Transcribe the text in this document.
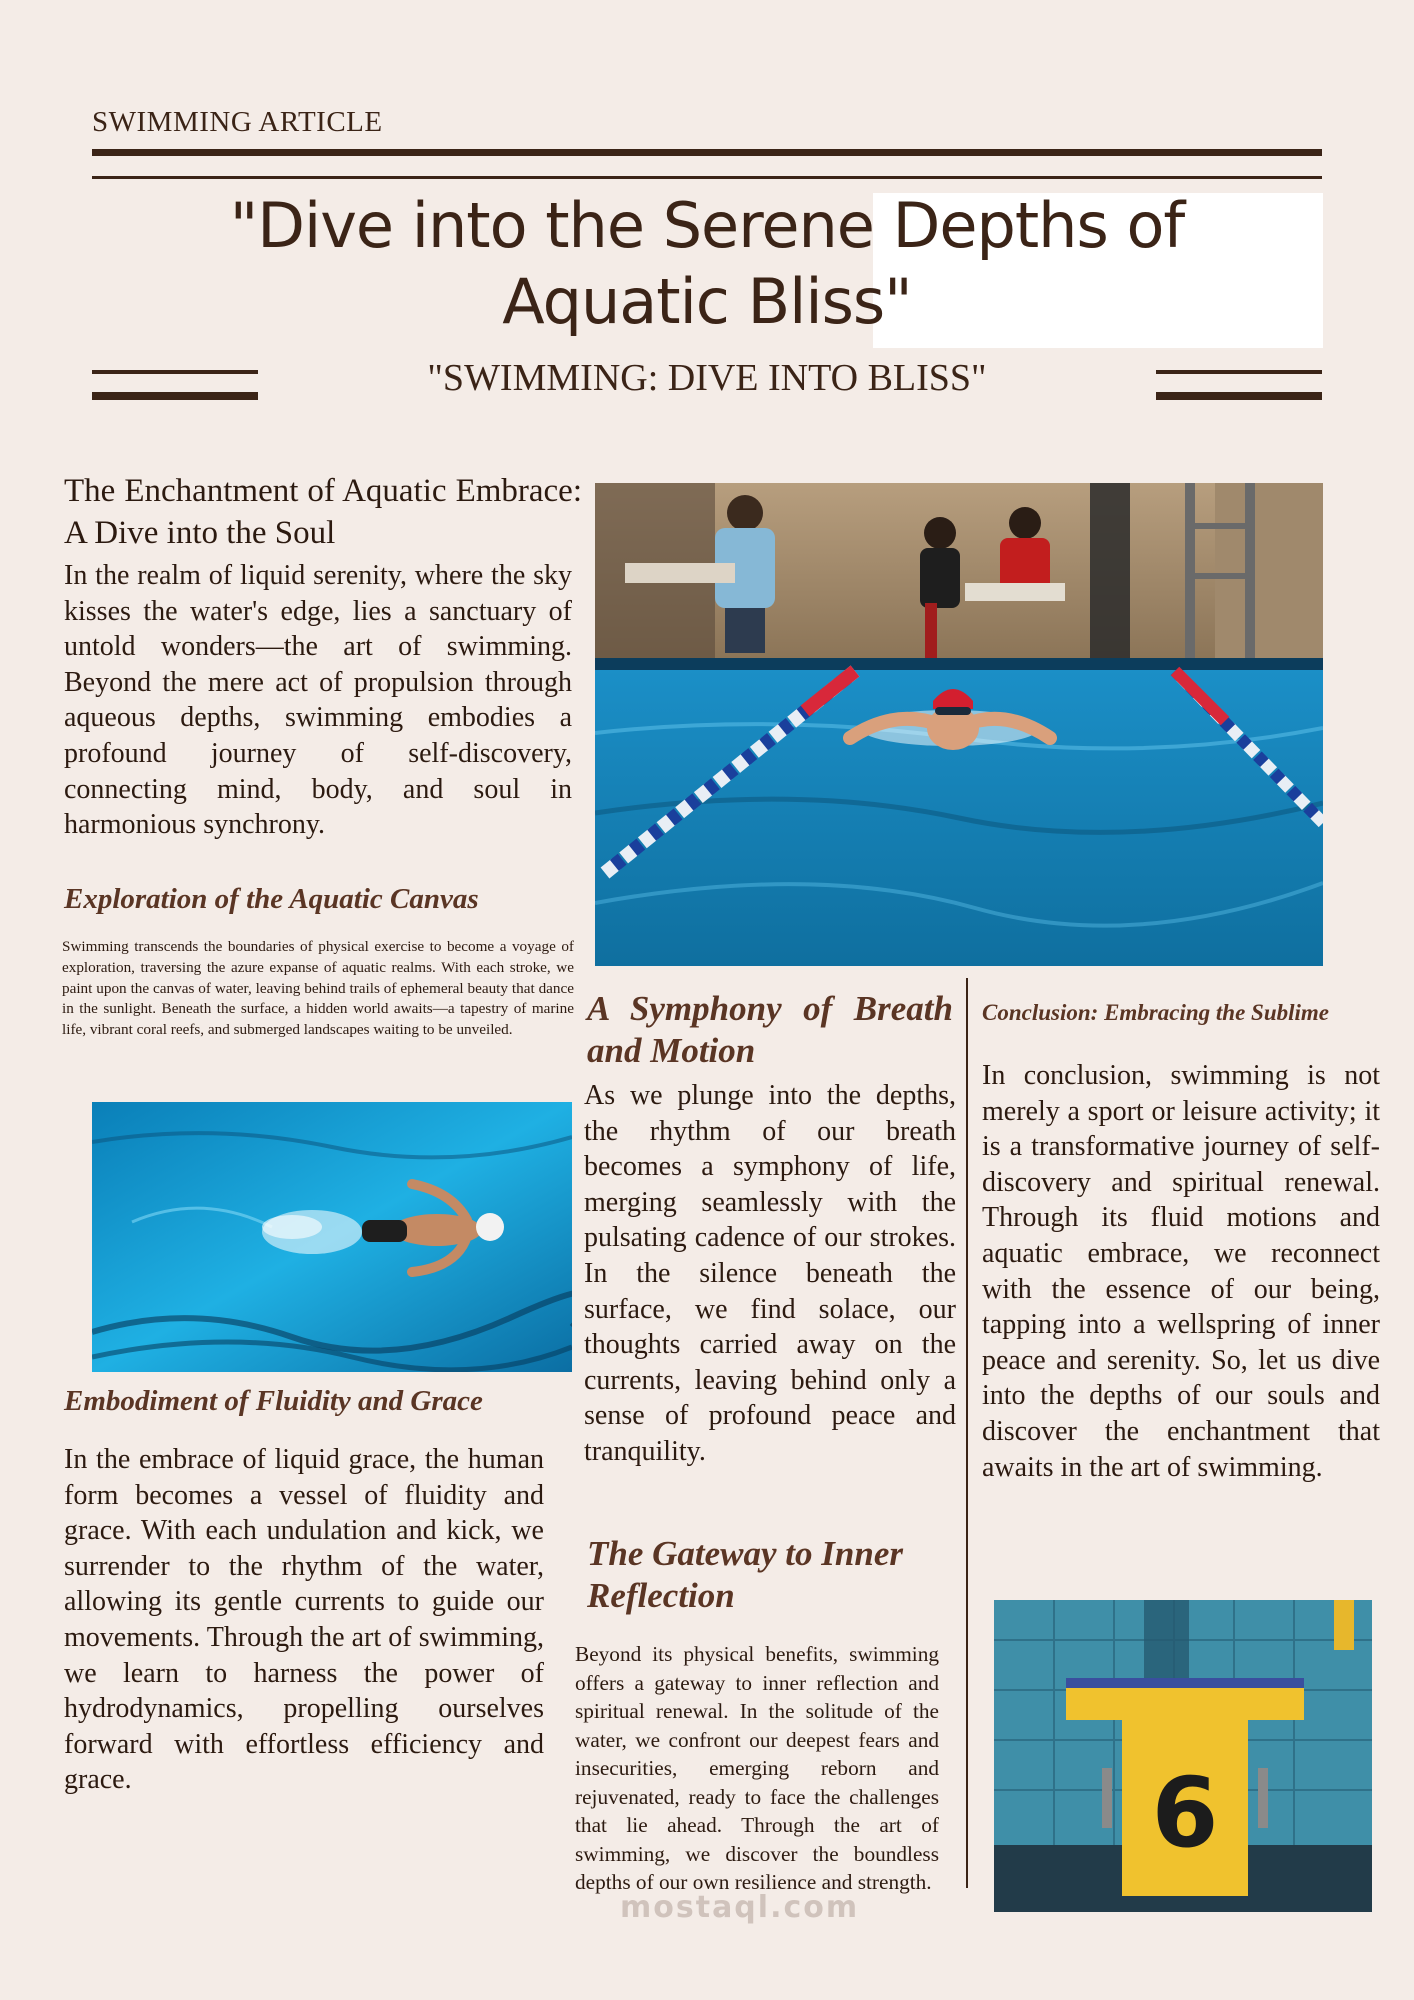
SWIMMING ARTICLE
"Dive into the Serene Depths of
Aquatic Bliss"
"SWIMMING: DIVE INTO BLISS"
The Enchantment of Aquatic Embrace: A Dive into the Soul
In the realm of liquid serenity, where the sky kisses the water's edge, lies a sanctuary of untold wonders—the art of swimming. Beyond the mere act of propulsion through aqueous depths, swimming embodies a profound journey of self-discovery, connecting mind, body, and soul in harmonious synchrony.
Exploration of the Aquatic Canvas
Swimming transcends the boundaries of physical exercise to become a voyage of exploration, traversing the azure expanse of aquatic realms. With each stroke, we paint upon the canvas of water, leaving behind trails of ephemeral beauty that dance in the sunlight. Beneath the surface, a hidden world awaits—a tapestry of marine life, vibrant coral reefs, and submerged landscapes waiting to be unveiled.
Embodiment of Fluidity and Grace
In the embrace of liquid grace, the human form becomes a vessel of fluidity and grace. With each undulation and kick, we surrender to the rhythm of the water, allowing its gentle currents to guide our movements. Through the art of swimming, we learn to harness the power of hydrodynamics, propelling ourselves forward with effortless efficiency and grace.
A Symphony of Breath and Motion
As we plunge into the depths, the rhythm of our breath becomes a symphony of life, merging seamlessly with the pulsating cadence of our strokes. In the silence beneath the surface, we find solace, our thoughts carried away on the currents, leaving behind only a sense of profound peace and tranquility.
The Gateway to Inner Reflection
Beyond its physical benefits, swimming offers a gateway to inner reflection and spiritual renewal. In the solitude of the water, we confront our deepest fears and insecurities, emerging reborn and rejuvenated, ready to face the challenges that lie ahead. Through the art of swimming, we discover the boundless depths of our own resilience and strength.
Conclusion: Embracing the Sublime
In conclusion, swimming is not merely a sport or leisure activity; it is a transformative journey of self-discovery and spiritual renewal. Through its fluid motions and aquatic embrace, we reconnect with the essence of our being, tapping into a wellspring of inner peace and serenity. So, let us dive into the depths of our souls and discover the enchantment that awaits in the art of swimming.
6
mostaql.com
